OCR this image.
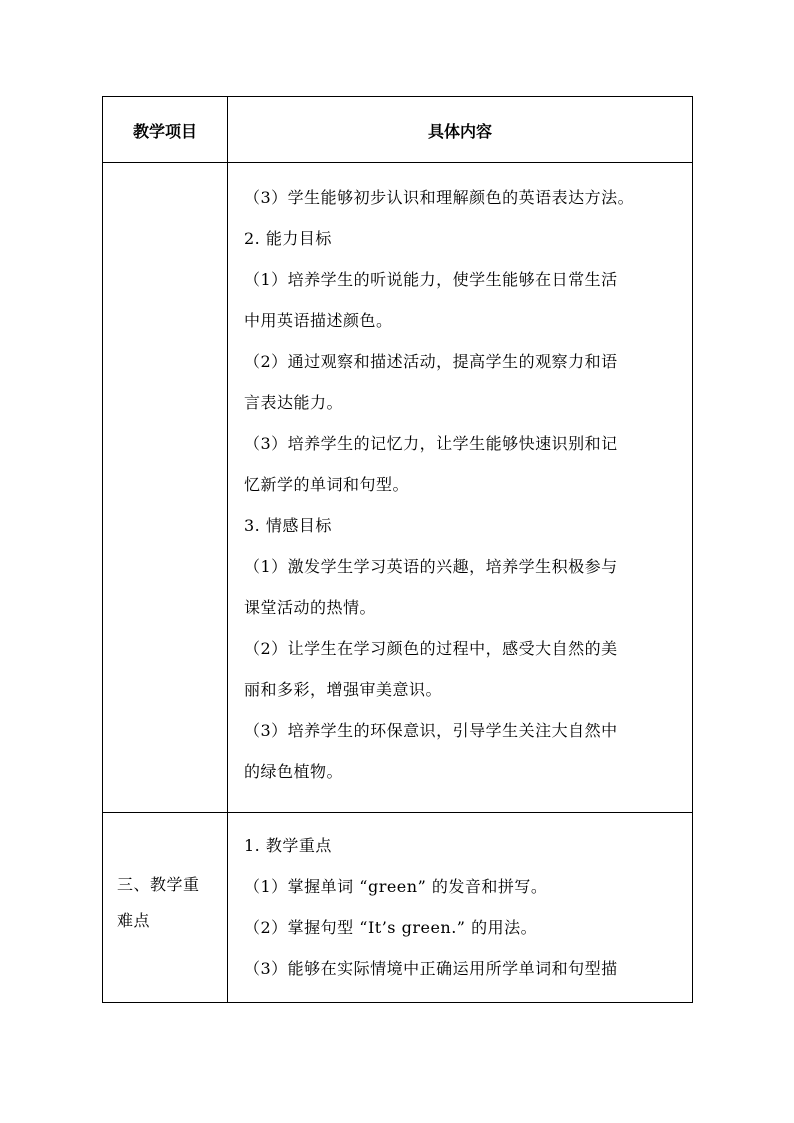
教学项目	具体内容
（3）学生能够初步认识和理解颜色的英语表达方法。
2. 能力目标
（1）培养学生的听说能力，使学生能够在日常生活
中用英语描述颜色。
（2）通过观察和描述活动，提高学生的观察力和语
言表达能力。
（3）培养学生的记忆力，让学生能够快速识别和记
忆新学的单词和句型。
3. 情感目标
（1）激发学生学习英语的兴趣，培养学生积极参与
课堂活动的热情。
（2）让学生在学习颜色的过程中，感受大自然的美
丽和多彩，增强审美意识。
（3）培养学生的环保意识，引导学生关注大自然中
的绿色植物。
三、教学重
难点
1. 教学重点
（1）掌握单词 “green” 的发音和拼写。
（2）掌握句型 “It’s green.” 的用法。
（3）能够在实际情境中正确运用所学单词和句型描
